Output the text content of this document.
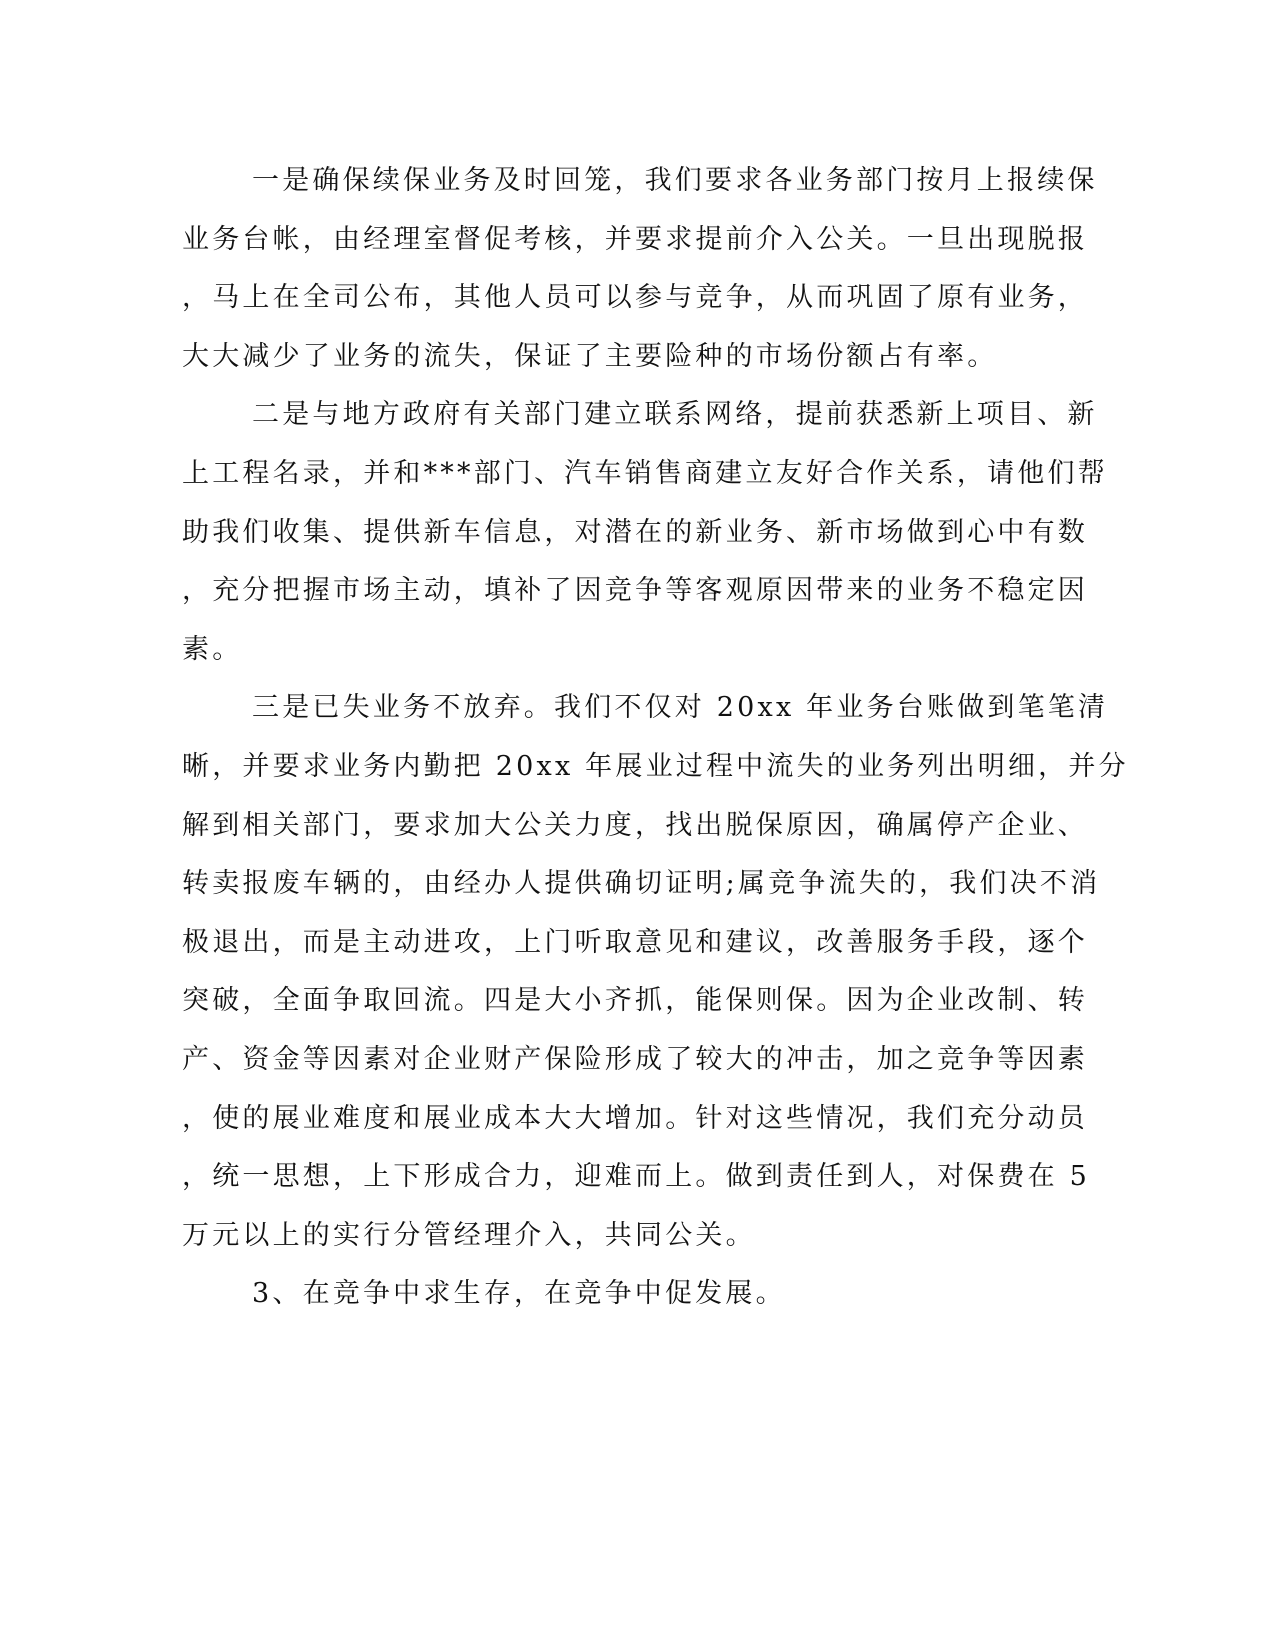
一是确保续保业务及时回笼，我们要求各业务部门按月上报续保
业务台帐，由经理室督促考核，并要求提前介入公关。一旦出现脱报
，马上在全司公布，其他人员可以参与竞争，从而巩固了原有业务，
大大减少了业务的流失，保证了主要险种的市场份额占有率。
二是与地方政府有关部门建立联系网络，提前获悉新上项目、新
上工程名录，并和***部门、汽车销售商建立友好合作关系，请他们帮
助我们收集、提供新车信息，对潜在的新业务、新市场做到心中有数
，充分把握市场主动，填补了因竞争等客观原因带来的业务不稳定因
素。
三是已失业务不放弃。我们不仅对 20xx 年业务台账做到笔笔清
晰，并要求业务内勤把 20xx 年展业过程中流失的业务列出明细，并分
解到相关部门，要求加大公关力度，找出脱保原因，确属停产企业、
转卖报废车辆的，由经办人提供确切证明;属竞争流失的，我们决不消
极退出，而是主动进攻，上门听取意见和建议，改善服务手段，逐个
突破，全面争取回流。四是大小齐抓，能保则保。因为企业改制、转
产、资金等因素对企业财产保险形成了较大的冲击，加之竞争等因素
，使的展业难度和展业成本大大增加。针对这些情况，我们充分动员
，统一思想，上下形成合力，迎难而上。做到责任到人，对保费在 5
万元以上的实行分管经理介入，共同公关。
3、在竞争中求生存，在竞争中促发展。
